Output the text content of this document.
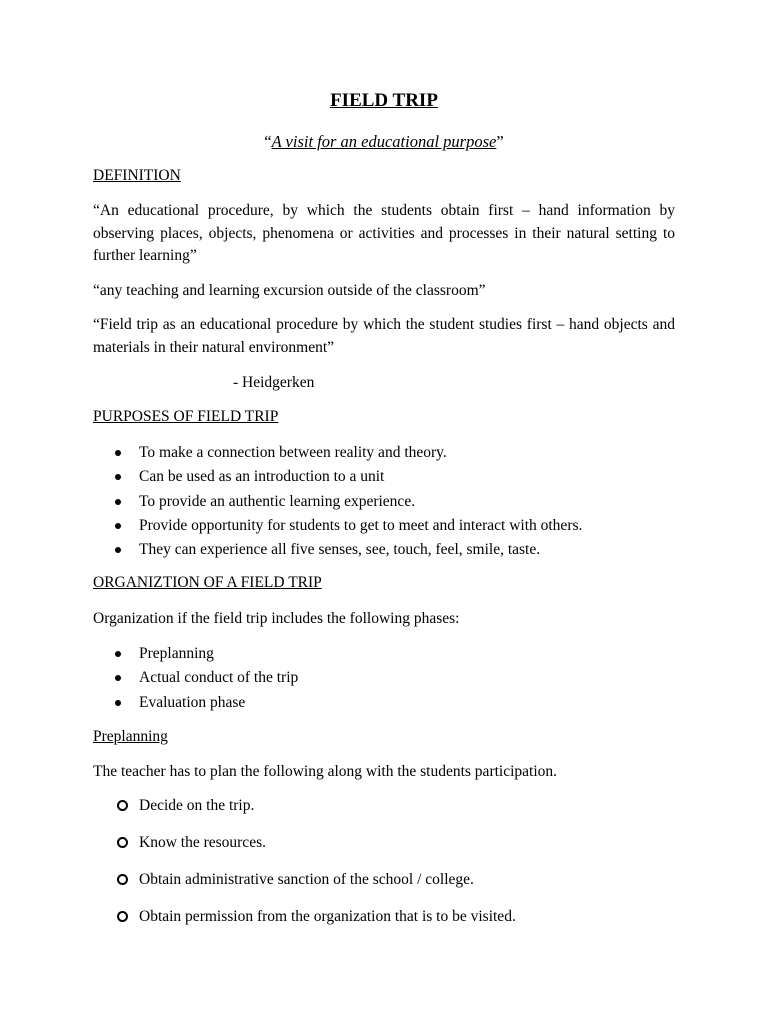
FIELD TRIP
“A visit for an educational purpose”
DEFINITION
“An educational procedure, by which the students obtain first – hand information by observing places, objects, phenomena or activities and processes in their natural setting to further learning”
“any teaching and learning excursion outside of the classroom”
“Field trip as an educational procedure by which the student studies first – hand objects and materials in their natural environment”
- Heidgerken
PURPOSES OF FIELD TRIP
To make a connection between reality and theory.
Can be used as an introduction to a unit
To provide an authentic learning experience.
Provide opportunity for students to get to meet and interact with others.
They can experience all five senses, see, touch, feel, smile, taste.
ORGANIZTION OF A FIELD TRIP
Organization if the field trip includes the following phases:
Preplanning
Actual conduct of the trip
Evaluation phase
Preplanning
The teacher has to plan the following along with the students participation.
Decide on the trip.
Know the resources.
Obtain administrative sanction of the school / college.
Obtain permission from the organization that is to be visited.
